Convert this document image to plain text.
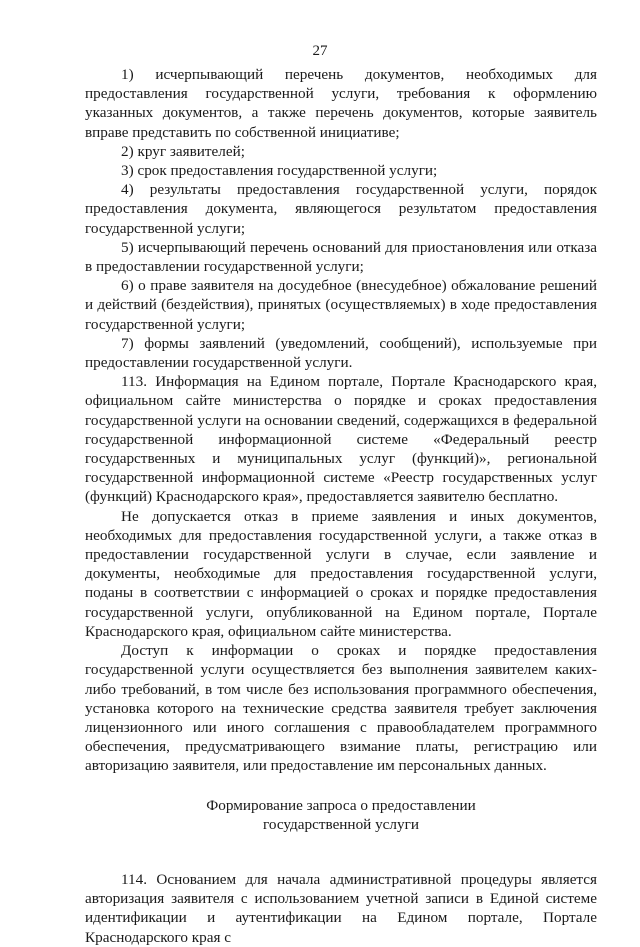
27

1) исчерпывающий перечень документов, необходимых для предоставления государственной услуги, требования к оформлению указанных документов, а также перечень документов, которые заявитель вправе представить по собственной инициативе;

2) круг заявителей;

3) срок предоставления государственной услуги;

4) результаты предоставления государственной услуги, порядок предоставления документа, являющегося результатом предоставления государственной услуги;

5) исчерпывающий перечень оснований для приостановления или отказа в предоставлении государственной услуги;

6) о праве заявителя на досудебное (внесудебное) обжалование решений и действий (бездействия), принятых (осуществляемых) в ходе предоставления государственной услуги;

7) формы заявлений (уведомлений, сообщений), используемые при предоставлении государственной услуги.

113. Информация на Едином портале, Портале Краснодарского края, официальном сайте министерства о порядке и сроках предоставления государственной услуги на основании сведений, содержащихся в федеральной государственной информационной системе «Федеральный реестр государственных и муниципальных услуг (функций)», региональной государственной информационной системе «Реестр государственных услуг (функций) Краснодарского края», предоставляется заявителю бесплатно.

Не допускается отказ в приеме заявления и иных документов, необходимых для предоставления государственной услуги, а также отказ в предоставлении государственной услуги в случае, если заявление и документы, необходимые для предоставления государственной услуги, поданы в соответствии с информацией о сроках и порядке предоставления государственной услуги, опубликованной на Едином портале, Портале Краснодарского края, официальном сайте министерства.

Доступ к информации о сроках и порядке предоставления государственной услуги осуществляется без выполнения заявителем каких-либо требований, в том числе без использования программного обеспечения, установка которого на технические средства заявителя требует заключения лицензионного или иного соглашения с правообладателем программного обеспечения, предусматривающего взимание платы, регистрацию или авторизацию заявителя, или предоставление им персональных данных.

Формирование запроса о предоставлении
государственной услуги

114. Основанием для начала административной процедуры является авторизация заявителя с использованием учетной записи в Единой системе идентификации и аутентификации на Едином портале, Портале Краснодарского края с
